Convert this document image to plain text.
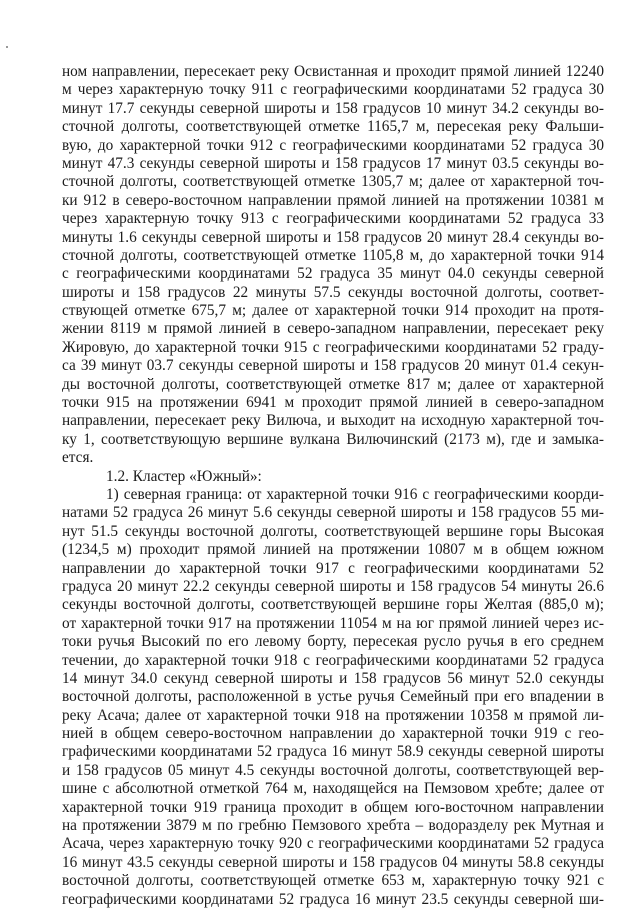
ном направлении, пересекает реку Освистанная и проходит прямой линией 12240
м через характерную точку 911 с географическими координатами 52 градуса 30
минут 17.7 секунды северной широты и 158 градусов 10 минут 34.2 секунды во-
сточной долготы, соответствующей отметке 1165,7 м, пересекая реку Фальши-
вую, до характерной точки 912 с географическими координатами 52 градуса 30
минут 47.3 секунды северной широты и 158 градусов 17 минут 03.5 секунды во-
сточной долготы, соответствующей отметке 1305,7 м; далее от характерной точ-
ки 912 в северо-восточном направлении прямой линией на протяжении 10381 м
через характерную точку 913 с географическими координатами 52 градуса 33
минуты 1.6 секунды северной широты и 158 градусов 20 минут 28.4 секунды во-
сточной долготы, соответствующей отметке 1105,8 м, до характерной точки 914
с географическими координатами 52 градуса 35 минут 04.0 секунды северной
широты и 158 градусов 22 минуты 57.5 секунды восточной долготы, соответ-
ствующей отметке 675,7 м; далее от характерной точки 914 проходит на протя-
жении 8119 м прямой линией в северо-западном направлении, пересекает реку
Жировую, до характерной точки 915 с географическими координатами 52 граду-
са 39 минут 03.7 секунды северной широты и 158 градусов 20 минут 01.4 секун-
ды восточной долготы, соответствующей отметке 817 м; далее от характерной
точки 915 на протяжении 6941 м проходит прямой линией в северо-западном
направлении, пересекает реку Вилюча, и выходит на исходную характерной точ-
ку 1, соответствующую вершине вулкана Вилючинский (2173 м), где и замыка-
ется.
1.2. Кластер «Южный»:
1) северная граница: от характерной точки 916 с географическими коорди-
натами 52 градуса 26 минут 5.6 секунды северной широты и 158 градусов 55 ми-
нут 51.5 секунды восточной долготы, соответствующей вершине горы Высокая
(1234,5 м) проходит прямой линией на протяжении 10807 м в общем южном
направлении до характерной точки 917 с географическими координатами 52
градуса 20 минут 22.2 секунды северной широты и 158 градусов 54 минуты 26.6
секунды восточной долготы, соответствующей вершине горы Желтая (885,0 м);
от характерной точки 917 на протяжении 11054 м на юг прямой линией через ис-
токи ручья Высокий по его левому борту, пересекая русло ручья в его среднем
течении, до характерной точки 918 с географическими координатами 52 градуса
14 минут 34.0 секунд северной широты и 158 градусов 56 минут 52.0 секунды
восточной долготы, расположенной в устье ручья Семейный при его впадении в
реку Асача; далее от характерной точки 918 на протяжении 10358 м прямой ли-
нией в общем северо-восточном направлении до характерной точки 919 с гео-
графическими координатами 52 градуса 16 минут 58.9 секунды северной широты
и 158 градусов 05 минут 4.5 секунды восточной долготы, соответствующей вер-
шине с абсолютной отметкой 764 м, находящейся на Пемзовом хребте; далее от
характерной точки 919 граница проходит в общем юго-восточном направлении
на протяжении 3879 м по гребню Пемзового хребта – водоразделу рек Мутная и
Асача, через характерную точку 920 с географическими координатами 52 градуса
16 минут 43.5 секунды северной широты и 158 градусов 04 минуты 58.8 секунды
восточной долготы, соответствующей отметке 653 м, характерную точку 921 с
географическими координатами 52 градуса 16 минут 23.5 секунды северной ши-
